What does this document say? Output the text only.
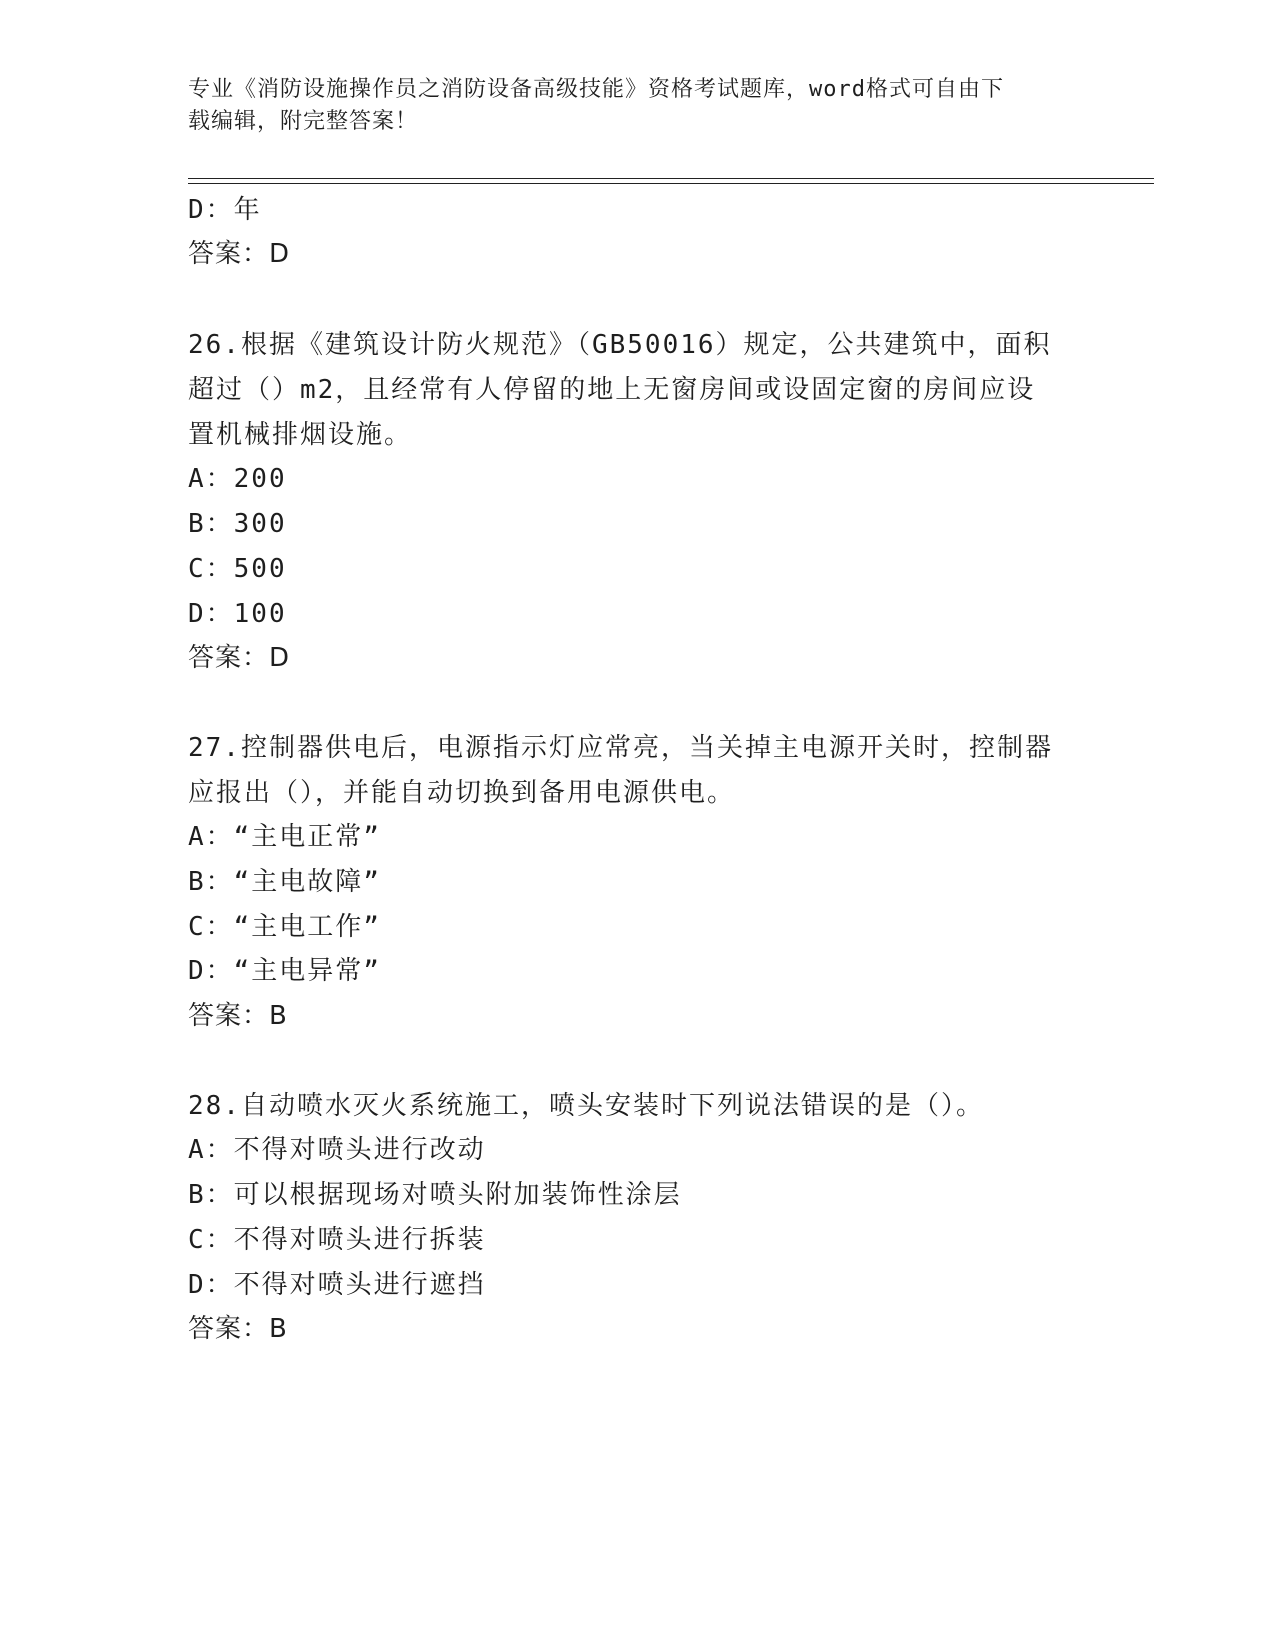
专业《消防设施操作员之消防设备高级技能》资格考试题库，word格式可自由下
载编辑，附完整答案！
D：年
答案：D
26.根据《建筑设计防火规范》（GB50016）规定，公共建筑中，面积
超过（）m2，且经常有人停留的地上无窗房间或设固定窗的房间应设
置机械排烟设施。
A：200
B：300
C：500
D：100
答案：D
27.控制器供电后，电源指示灯应常亮，当关掉主电源开关时，控制器
应报出（），并能自动切换到备用电源供电。
A：“主电正常”
B：“主电故障”
C：“主电工作”
D：“主电异常”
答案：B
28.自动喷水灭火系统施工，喷头安装时下列说法错误的是（）。
A：不得对喷头进行改动
B：可以根据现场对喷头附加装饰性涂层
C：不得对喷头进行拆装
D：不得对喷头进行遮挡
答案：B
